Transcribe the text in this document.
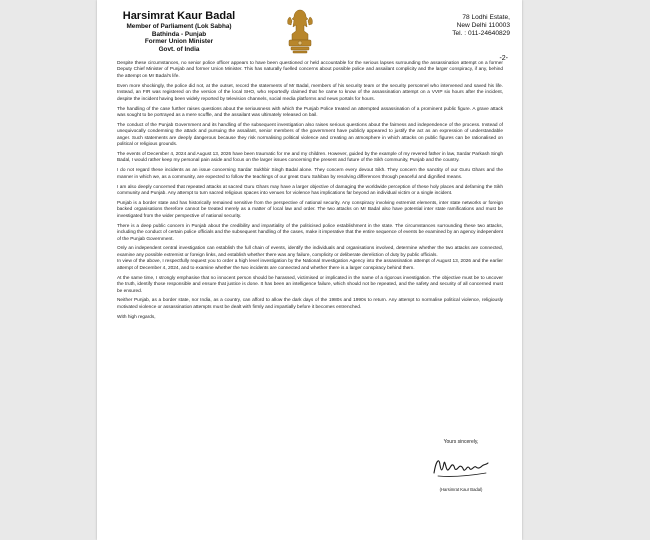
Harsimrat Kaur Badal
Member of Parliament (Lok Sabha)
Bathinda - Punjab
Former Union Minister
Govt. of India
78 Lodhi Estate,
New Delhi 110003
Tel. : 011-24640829
-2-

Despite these circumstances, no senior police officer appears to have been questioned or held accountable for the serious lapses surrounding the assassination attempt on a former Deputy Chief Minister of Punjab and former Union Minister. This has naturally fuelled concerns about possible police and assailant complicity and the larger conspiracy, if any, behind the attempt on Mr Badal's life.

Even more shockingly, the police did not, at the outset, record the statements of Mr Badal, members of his security team or the security personnel who intervened and saved his life. Instead, an FIR was registered on the version of the local SHO, who reportedly claimed that he came to know of the assassination attempt on a VVIP six hours after the incident, despite the incident having been widely reported by television channels, social media platforms and news portals for hours.

The handling of the case further raises questions about the seriousness with which the Punjab Police treated an attempted assassination of a prominent public figure. A grave attack was sought to be portrayed as a mere scuffle, and the assailant was ultimately released on bail.

The conduct of the Punjab Government and its handling of the subsequent investigation also raises serious questions about the fairness and independence of the process. Instead of unequivocally condemning the attack and pursuing the assailant, senior members of the government have publicly appeared to justify the act as an expression of understandable anger. Such statements are deeply dangerous because they risk normalising political violence and creating an atmosphere in which attacks on public figures can be rationalised on political or religious grounds.

The events of December 4, 2024 and August 13, 2026 have been traumatic for me and my children. However, guided by the example of my revered father in law, Sardar Parkash Singh Badal, I would rather keep my personal pain aside and focus on the larger issues concerning the present and future of the Sikh community, Punjab and the country.

I do not regard these incidents as an issue concerning Sardar Sukhbir Singh Badal alone. They concern every devout Sikh. They concern the sanctity of our Guru Ghars and the manner in which we, as a community, are expected to follow the teachings of our great Guru Sahiban by resolving differences through peaceful and dignified means.

I am also deeply concerned that repeated attacks at sacred Guru Ghars may have a larger objective of damaging the worldwide perception of these holy places and defaming the Sikh community and Punjab. Any attempt to turn sacred religious spaces into venues for violence has implications far beyond an individual victim or a single incident.

Punjab is a border state and has historically remained sensitive from the perspective of national security. Any conspiracy involving extremist elements, inter state networks or foreign backed organisations therefore cannot be treated merely as a matter of local law and order. The two attacks on Mr Badal also have potential inter state ramifications and must be investigated from the wider perspective of national security.

There is a deep public concern in Punjab about the credibility and impartiality of the politicised police establishment in the state. The circumstances surrounding these two attacks, including the conduct of certain police officials and the subsequent handling of the cases, make it imperative that the entire sequence of events be examined by an agency independent of the Punjab Government.

Only an independent central investigation can establish the full chain of events, identify the individuals and organisations involved, determine whether the two attacks are connected, examine any possible extremist or foreign links, and establish whether there was any failure, complicity or deliberate dereliction of duty by public officials.
In view of the above, I respectfully request you to order a high level investigation by the National Investigation Agency into the assassination attempt of August 13, 2026 and the earlier attempt of December 4, 2024, and to examine whether the two incidents are connected and whether there is a larger conspiracy behind them.

At the same time, I strongly emphasise that no innocent person should be harassed, victimised or implicated in the name of a rigorous investigation. The objective must be to uncover the truth, identify those responsible and ensure that justice is done. It has been an intelligence failure, which should not be repeated, and the safety and security of all concerned must be ensured.

Neither Punjab, as a border state, nor India, as a country, can afford to allow the dark days of the 1980s and 1990s to return. Any attempt to normalise political violence, religiously motivated violence or assassination attempts must be dealt with firmly and impartially before it becomes entrenched.

With high regards,

Yours sincerely,
(Harsimrat Kaur Badal)
